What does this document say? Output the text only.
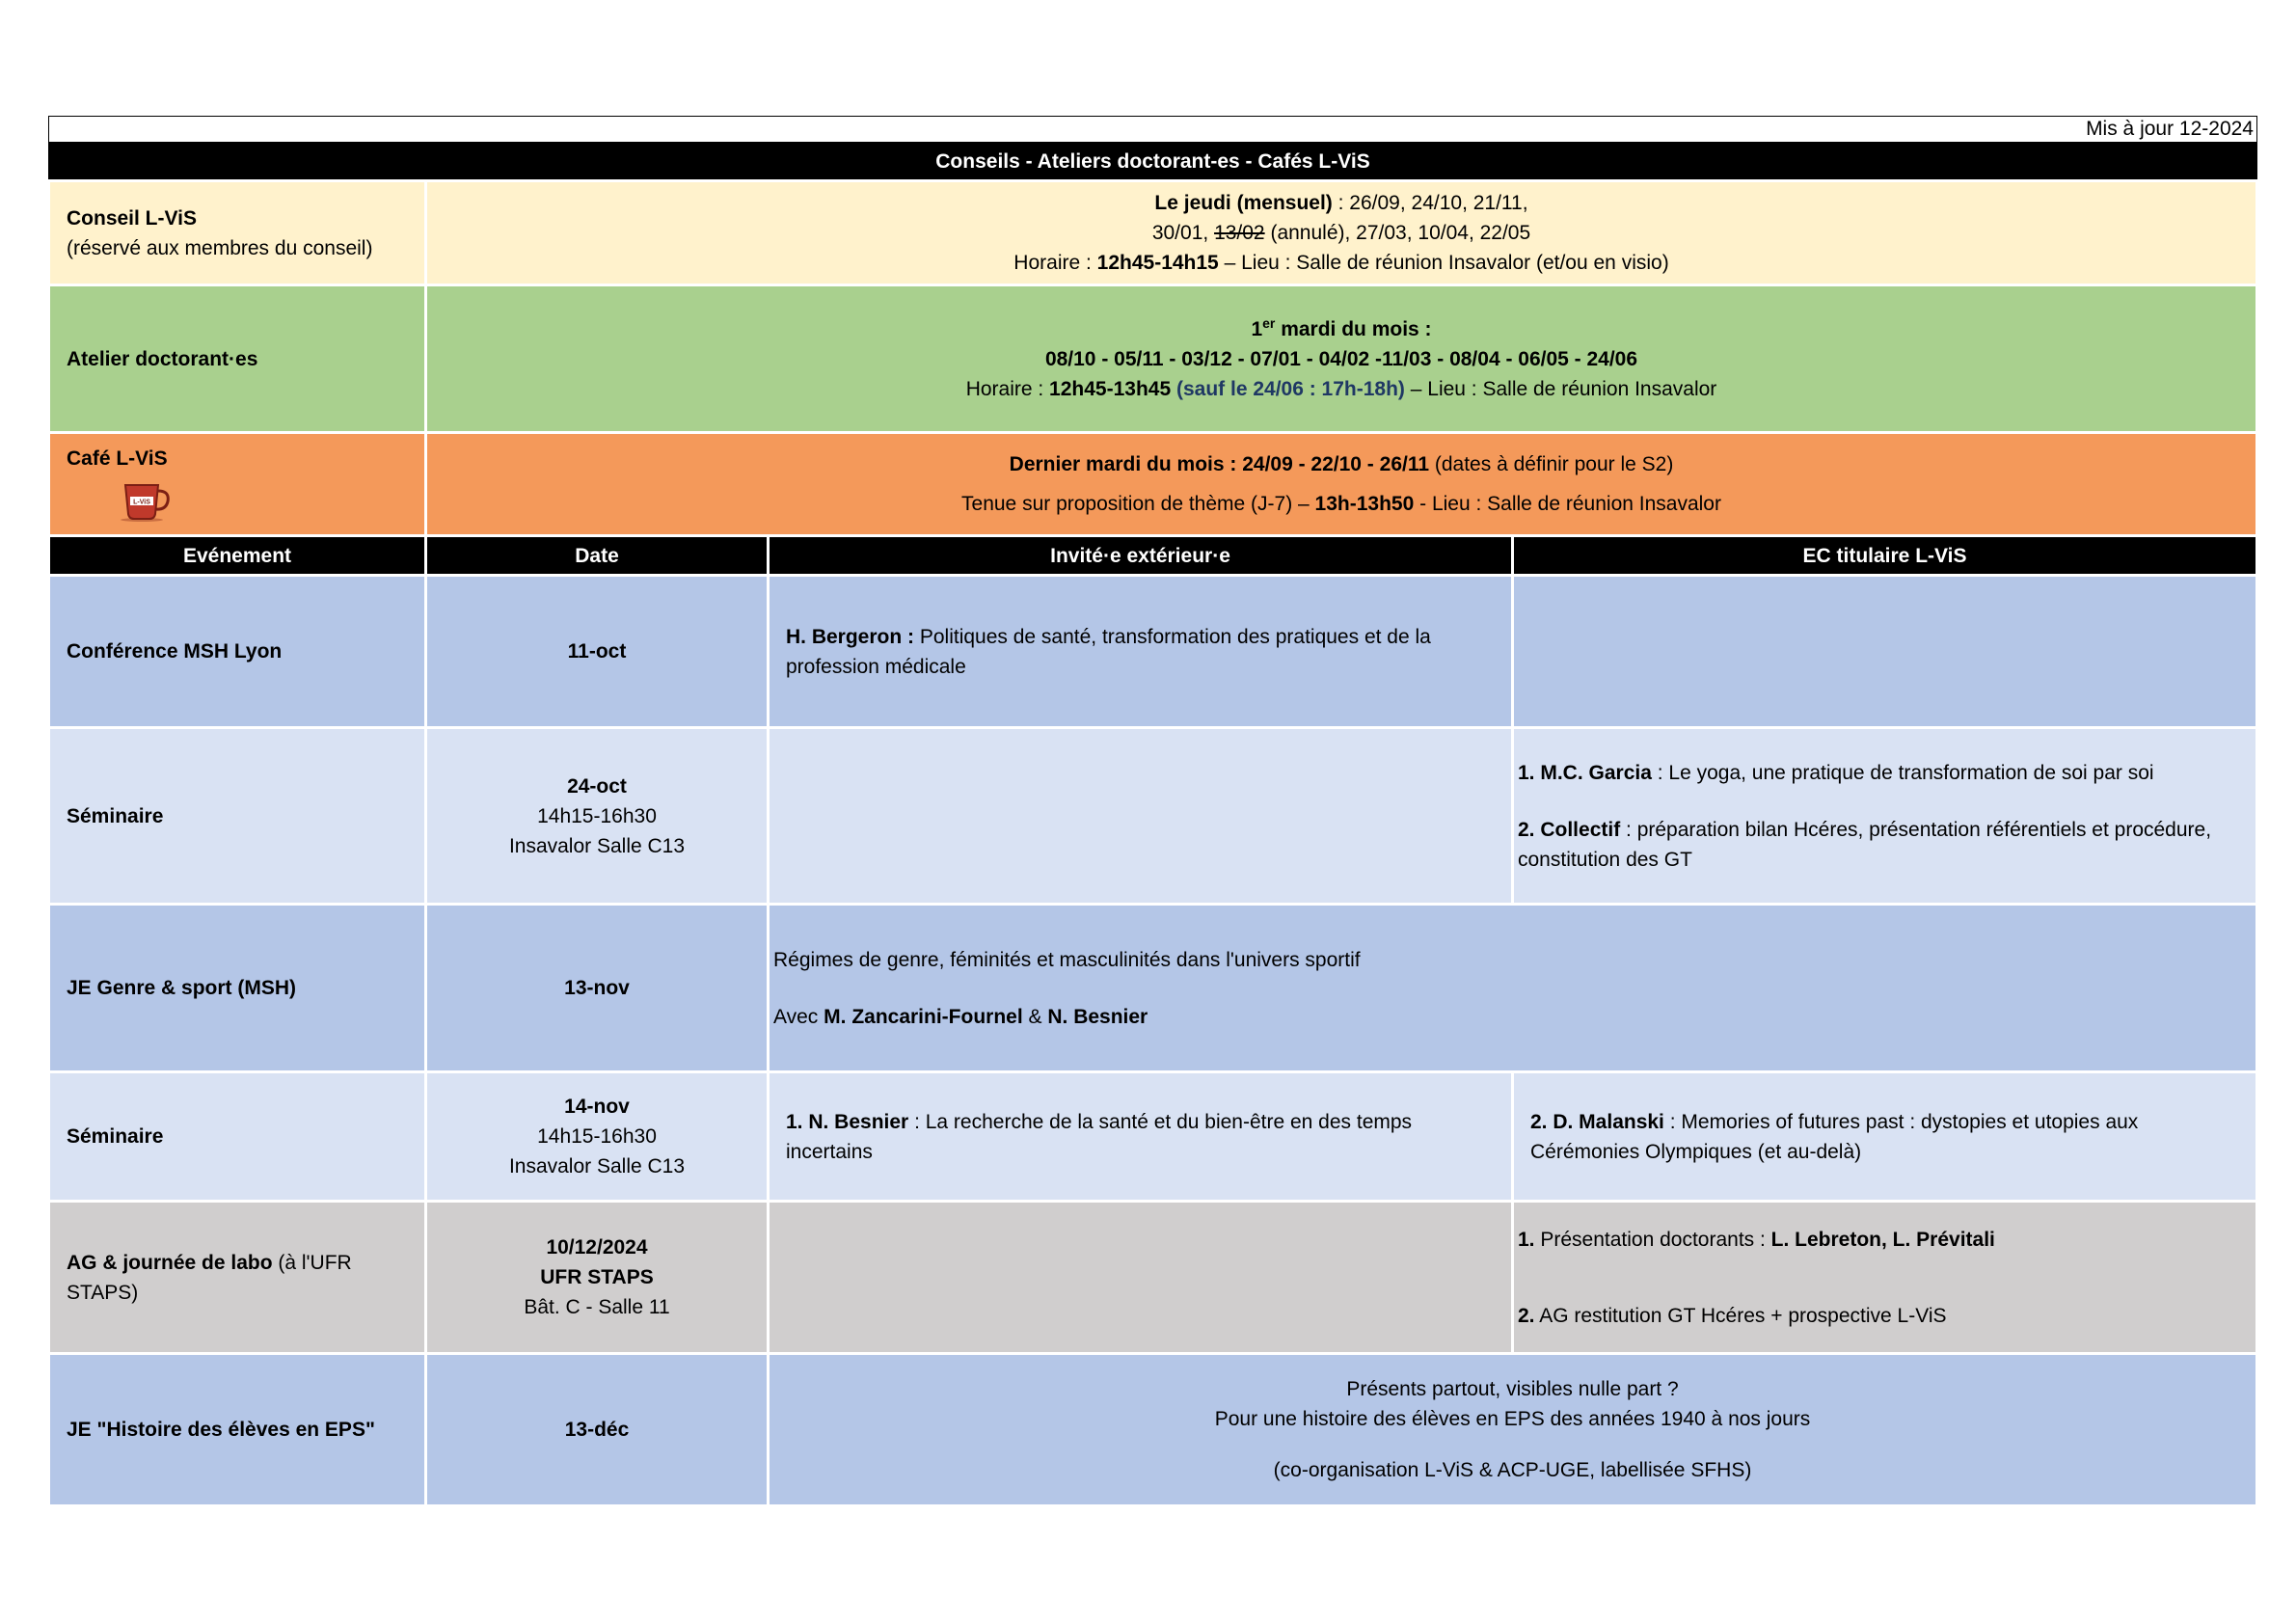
Mis à jour 12-2024			
Conseils - Ateliers doctorant-es - Cafés L-ViS			

Conseil L-ViS
(réservé aux membres du conseil)	Le jeudi (mensuel) : 26/09, 24/10, 21/11,
30/01, 13/02 (annulé), 27/03, 10/04, 22/05
Horaire : 12h45-14h15 – Lieu : Salle de réunion Insavalor (et/ou en visio)		

Atelier doctorant·es	1er mardi du mois :
08/10 - 05/11 - 03/12 - 07/01 - 04/02 -11/03 - 08/04 - 06/05 - 24/06
Horaire : 12h45-13h45 (sauf le 24/06 : 17h-18h) – Lieu : Salle de réunion Insavalor		

Café L-ViS
L-ViS	Dernier mardi du mois : 24/09 - 22/10 - 26/11 (dates à définir pour le S2)
Tenue sur proposition de thème (J-7) – 13h-13h50 - Lieu : Salle de réunion Insavalor		

Evénement	Date	Invité·e extérieur·e	EC titulaire L-ViS
Conférence MSH Lyon	11-oct	H. Bergeron : Politiques de santé, transformation des pratiques et de la profession médicale	
Séminaire	24-oct
14h15-16h30
Insavalor Salle C13		1. M.C. Garcia : Le yoga, une pratique de transformation de soi par soi
2. Collectif : préparation bilan Hcéres, présentation référentiels et procédure, constitution des GT

JE Genre & sport (MSH)	13-nov	Régimes de genre, féminités et masculinités dans l'univers sportif
Avec M. Zancarini-Fournel & N. Besnier	

Séminaire	14-nov
14h15-16h30
Insavalor Salle C13	1. N. Besnier : La recherche de la santé et du bien-être en des temps incertains	2. D. Malanski : Memories of futures past : dystopies et utopies aux Cérémonies Olympiques (et au-delà)
AG & journée de labo (à l'UFR STAPS)	10/12/2024
UFR STAPS
Bât. C - Salle 11		1. Présentation doctorants : L. Lebreton, L. Prévitali
2. AG restitution GT Hcéres + prospective L-ViS

JE "Histoire des élèves en EPS"	13-déc	Présents partout, visibles nulle part ?
Pour une histoire des élèves en EPS des années 1940 à nos jours
(co-organisation L-ViS & ACP-UGE, labellisée SFHS)	
